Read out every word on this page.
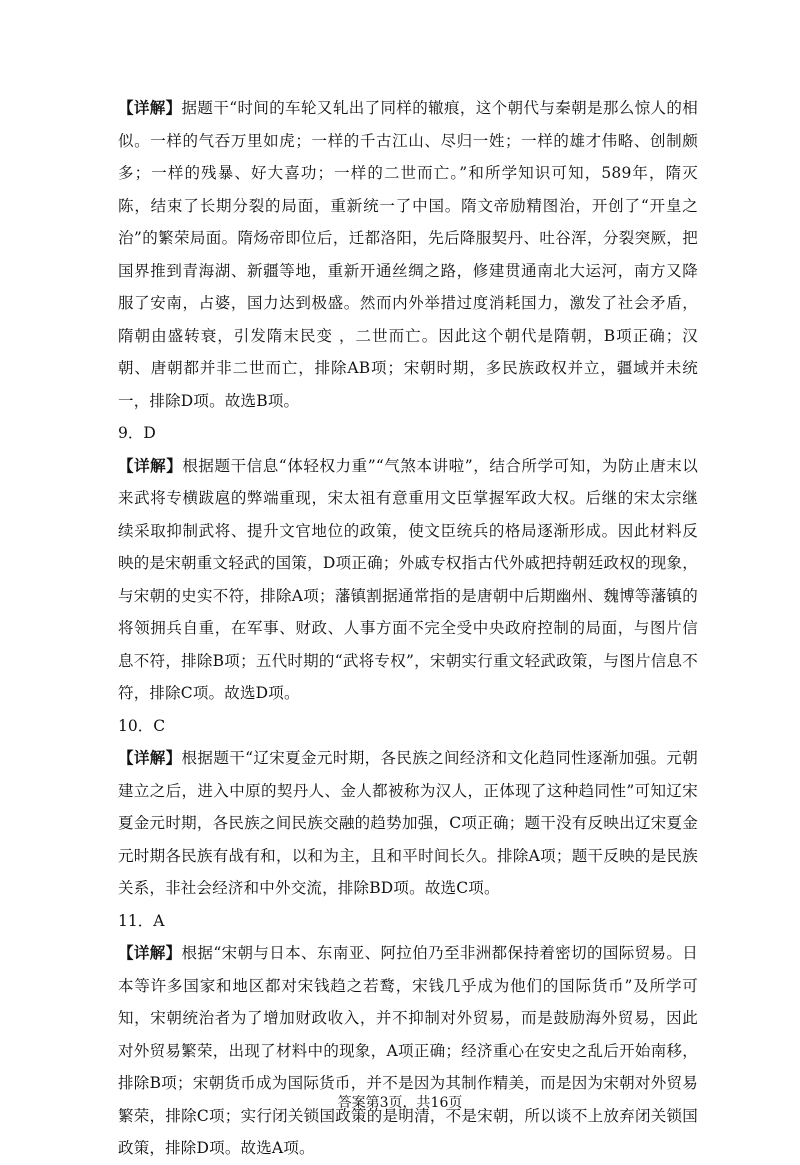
【详解】据题干“时间的车轮又轧出了同样的辙痕，这个朝代与秦朝是那么惊人的相似。一样的气吞万里如虎；一样的千古江山、尽归一姓；一样的雄才伟略、创制颇多；一样的残暴、好大喜功；一样的二世而亡。”和所学知识可知，589年，隋灭陈，结束了长期分裂的局面，重新统一了中国。隋文帝励精图治，开创了“开皇之治”的繁荣局面。隋炀帝即位后，迁都洛阳，先后降服契丹、吐谷浑，分裂突厥，把国界推到青海湖、新疆等地，重新开通丝绸之路，修建贯通南北大运河，南方又降服了安南，占婆，国力达到极盛。然而内外举措过度消耗国力，激发了社会矛盾，隋朝由盛转衰，引发隋末民变 ，二世而亡。因此这个朝代是隋朝，B项正确；汉朝、唐朝都并非二世而亡，排除AB项；宋朝时期，多民族政权并立，疆域并未统一，排除D项。故选B项。

9．D

【详解】根据题干信息“体轻权力重”“气煞本讲啦”，结合所学可知，为防止唐末以来武将专横跋扈的弊端重现，宋太祖有意重用文臣掌握军政大权。后继的宋太宗继续采取抑制武将、提升文官地位的政策，使文臣统兵的格局逐渐形成。因此材料反映的是宋朝重文轻武的国策，D项正确；外戚专权指古代外戚把持朝廷政权的现象，与宋朝的史实不符，排除A项；藩镇割据通常指的是唐朝中后期幽州、魏博等藩镇的将领拥兵自重，在军事、财政、人事方面不完全受中央政府控制的局面，与图片信息不符，排除B项；五代时期的“武将专权”，宋朝实行重文轻武政策，与图片信息不符，排除C项。故选D项。

10．C

【详解】根据题干“辽宋夏金元时期，各民族之间经济和文化趋同性逐渐加强。元朝建立之后，进入中原的契丹人、金人都被称为汉人，正体现了这种趋同性”可知辽宋夏金元时期，各民族之间民族交融的趋势加强，C项正确；题干没有反映出辽宋夏金元时期各民族有战有和，以和为主，且和平时间长久。排除A项；题干反映的是民族关系，非社会经济和中外交流，排除BD项。故选C项。

11．A

【详解】根据“宋朝与日本、东南亚、阿拉伯乃至非洲都保持着密切的国际贸易。日本等许多国家和地区都对宋钱趋之若鹜，宋钱几乎成为他们的国际货币”及所学可知，宋朝统治者为了增加财政收入，并不抑制对外贸易，而是鼓励海外贸易，因此对外贸易繁荣，出现了材料中的现象，A项正确；经济重心在安史之乱后开始南移，排除B项；宋朝货币成为国际货币，并不是因为其制作精美，而是因为宋朝对外贸易繁荣，排除C项；实行闭关锁国政策的是明清，不是宋朝，所以谈不上放弃闭关锁国政策，排除D项。故选A项。

答案第3页，共16页
